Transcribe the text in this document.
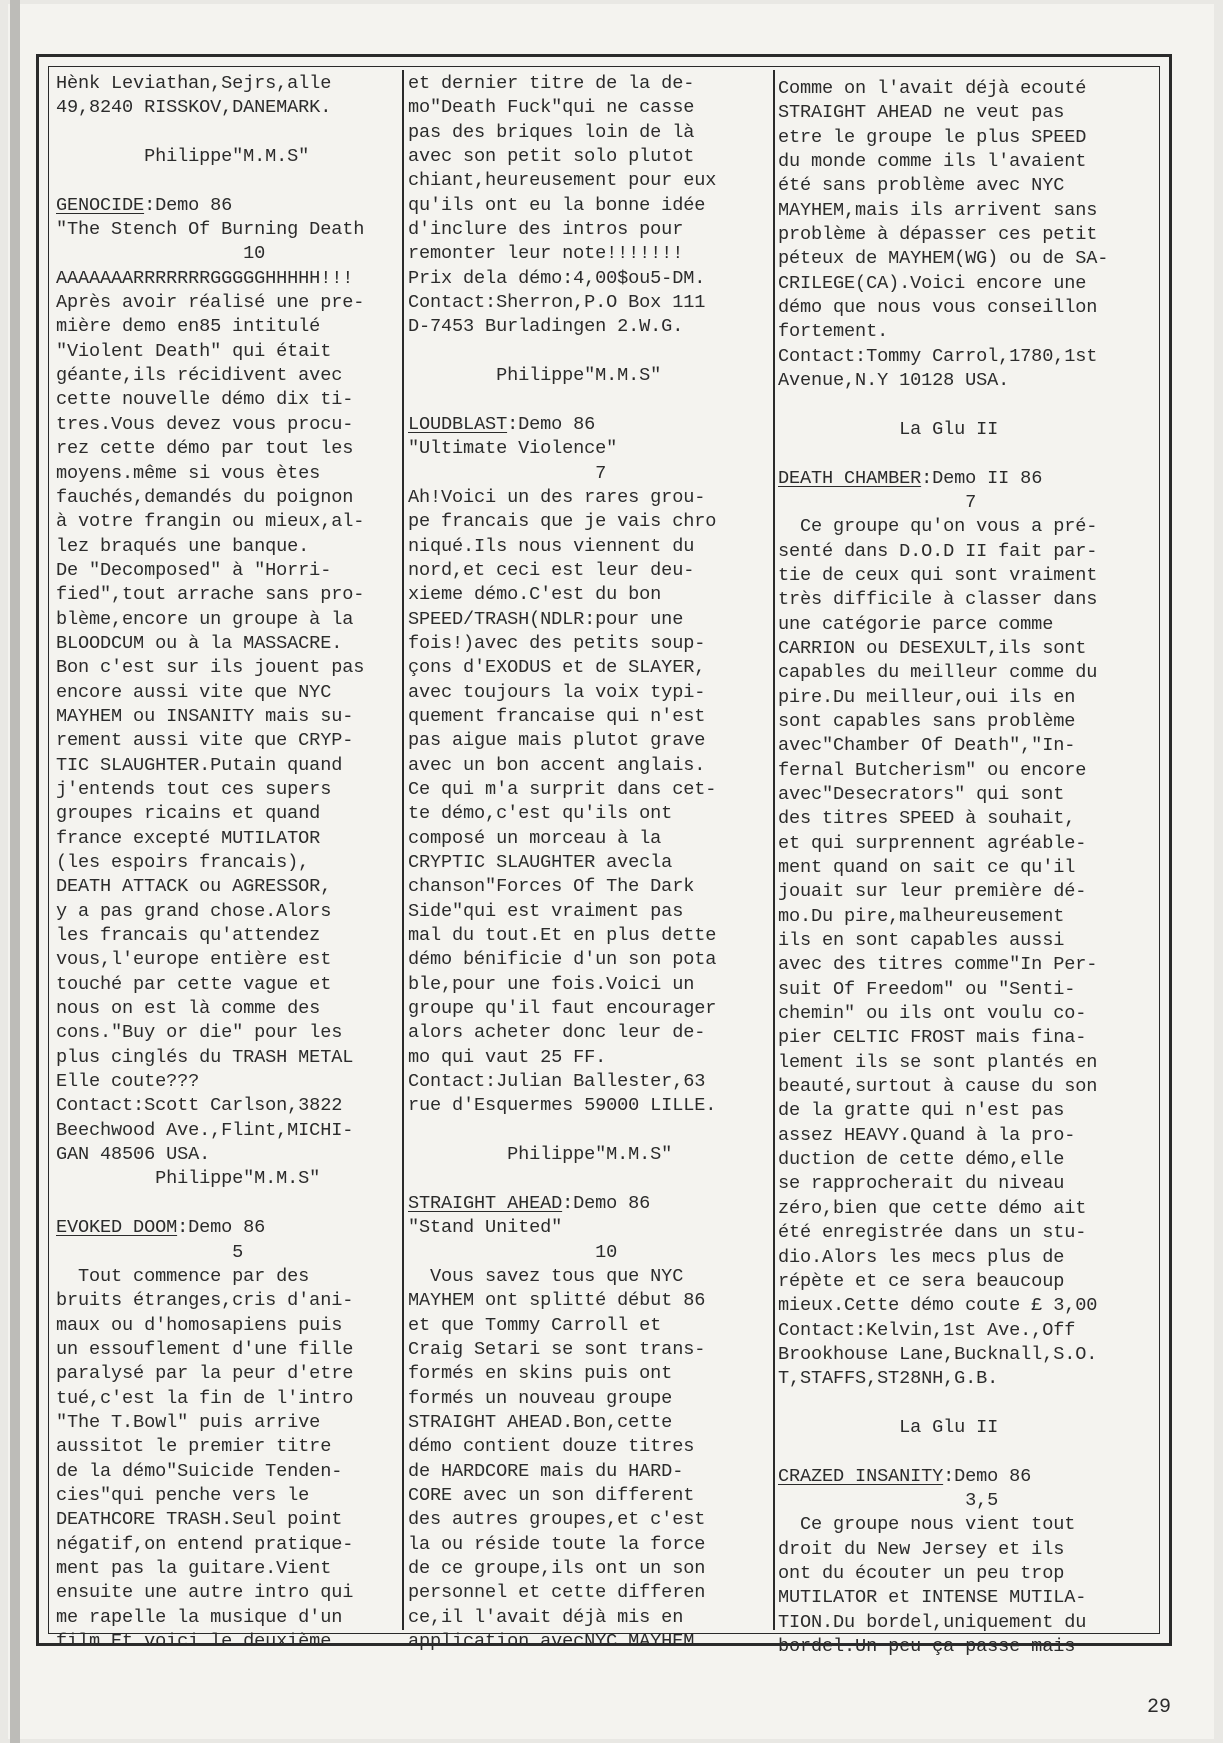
Hènk Leviathan,Sejrs,alle
49,8240 RISSKOV,DANEMARK.
Philippe"M.M.S"
GENOCIDE:Demo 86
"The Stench Of Burning Death
10
AAAAAAARRRRRRRGGGGGHHHHH!!!
Après avoir réalisé une pre-
mière demo en85 intitulé
"Violent Death" qui était
géante,ils récidivent avec
cette nouvelle démo dix ti-
tres.Vous devez vous procu-
rez cette démo par tout les
moyens.même si vous ètes
fauchés,demandés du poignon
à votre frangin ou mieux,al-
lez braqués une banque.
De "Decomposed" à "Horri-
fied",tout arrache sans pro-
blème,encore un groupe à la
BLOODCUM ou à la MASSACRE.
Bon c'est sur ils jouent pas
encore aussi vite que NYC
MAYHEM ou INSANITY mais su-
rement aussi vite que CRYP-
TIC SLAUGHTER.Putain quand
j'entends tout ces supers
groupes ricains et quand
france excepté MUTILATOR
(les espoirs francais),
DEATH ATTACK ou AGRESSOR,
y a pas grand chose.Alors
les francais qu'attendez
vous,l'europe entière est
touché par cette vague et
nous on est là comme des
cons."Buy or die" pour les
plus cinglés du TRASH METAL
Elle coute???
Contact:Scott Carlson,3822
Beechwood Ave.,Flint,MICHI-
GAN 48506 USA.
Philippe"M.M.S"
EVOKED DOOM:Demo 86
5
Tout commence par des
bruits étranges,cris d'ani-
maux ou d'homosapiens puis
un essouflement d'une fille
paralysé par la peur d'etre
tué,c'est la fin de l'intro
"The T.Bowl" puis arrive
aussitot le premier titre
de la démo"Suicide Tenden-
cies"qui penche vers le
DEATHCORE TRASH.Seul point
négatif,on entend pratique-
ment pas la guitare.Vient
ensuite une autre intro qui
me rapelle la musique d'un
film.Et voici le deuxième
et dernier titre de la de-
mo"Death Fuck"qui ne casse
pas des briques loin de là
avec son petit solo plutot
chiant,heureusement pour eux
qu'ils ont eu la bonne idée
d'inclure des intros pour
remonter leur note!!!!!!!
Prix dela démo:4,00$ou5-DM.
Contact:Sherron,P.O Box 111
D-7453 Burladingen 2.W.G.
Philippe"M.M.S"
LOUDBLAST:Demo 86
"Ultimate Violence"
7
Ah!Voici un des rares grou-
pe francais que je vais chro
niqué.Ils nous viennent du
nord,et ceci est leur deu-
xieme démo.C'est du bon
SPEED/TRASH(NDLR:pour une
fois!)avec des petits soup-
çons d'EXODUS et de SLAYER,
avec toujours la voix typi-
quement francaise qui n'est
pas aigue mais plutot grave
avec un bon accent anglais.
Ce qui m'a surprit dans cet-
te démo,c'est qu'ils ont
composé un morceau à la
CRYPTIC SLAUGHTER avecla
chanson"Forces Of The Dark
Side"qui est vraiment pas
mal du tout.Et en plus dette
démo bénificie d'un son pota
ble,pour une fois.Voici un
groupe qu'il faut encourager
alors acheter donc leur de-
mo qui vaut 25 FF.
Contact:Julian Ballester,63
rue d'Esquermes 59000 LILLE.
Philippe"M.M.S"
STRAIGHT AHEAD:Demo 86
"Stand United"
10
Vous savez tous que NYC
MAYHEM ont splitté début 86
et que Tommy Carroll et
Craig Setari se sont trans-
formés en skins puis ont
formés un nouveau groupe
STRAIGHT AHEAD.Bon,cette
démo contient douze titres
de HARDCORE mais du HARD-
CORE avec un son different
des autres groupes,et c'est
la ou réside toute la force
de ce groupe,ils ont un son
personnel et cette differen
ce,il l'avait déjà mis en
application avecNYC MAYHEM.
Comme on l'avait déjà ecouté
STRAIGHT AHEAD ne veut pas
etre le groupe le plus SPEED
du monde comme ils l'avaient
été sans problème avec NYC
MAYHEM,mais ils arrivent sans
problème à dépasser ces petit
péteux de MAYHEM(WG) ou de SA-
CRILEGE(CA).Voici encore une
démo que nous vous conseillon
fortement.
Contact:Tommy Carrol,1780,1st
Avenue,N.Y 10128 USA.
La Glu II
DEATH CHAMBER:Demo II 86
7
Ce groupe qu'on vous a pré-
senté dans D.O.D II fait par-
tie de ceux qui sont vraiment
très difficile à classer dans
une catégorie parce comme
CARRION ou DESEXULT,ils sont
capables du meilleur comme du
pire.Du meilleur,oui ils en
sont capables sans problème
avec"Chamber Of Death","In-
fernal Butcherism" ou encore
avec"Desecrators" qui sont
des titres SPEED à souhait,
et qui surprennent agréable-
ment quand on sait ce qu'il
jouait sur leur première dé-
mo.Du pire,malheureusement
ils en sont capables aussi
avec des titres comme"In Per-
suit Of Freedom" ou "Senti-
chemin" ou ils ont voulu co-
pier CELTIC FROST mais fina-
lement ils se sont plantés en
beauté,surtout à cause du son
de la gratte qui n'est pas
assez HEAVY.Quand à la pro-
duction de cette démo,elle
se rapprocherait du niveau
zéro,bien que cette démo ait
été enregistrée dans un stu-
dio.Alors les mecs plus de
répète et ce sera beaucoup
mieux.Cette démo coute £ 3,00
Contact:Kelvin,1st Ave.,Off
Brookhouse Lane,Bucknall,S.O.
T,STAFFS,ST28NH,G.B.
La Glu II
CRAZED INSANITY:Demo 86
3,5
Ce groupe nous vient tout
droit du New Jersey et ils
ont du écouter un peu trop
MUTILATOR et INTENSE MUTILA-
TION.Du bordel,uniquement du
bordel.Un peu ça passe mais
29
